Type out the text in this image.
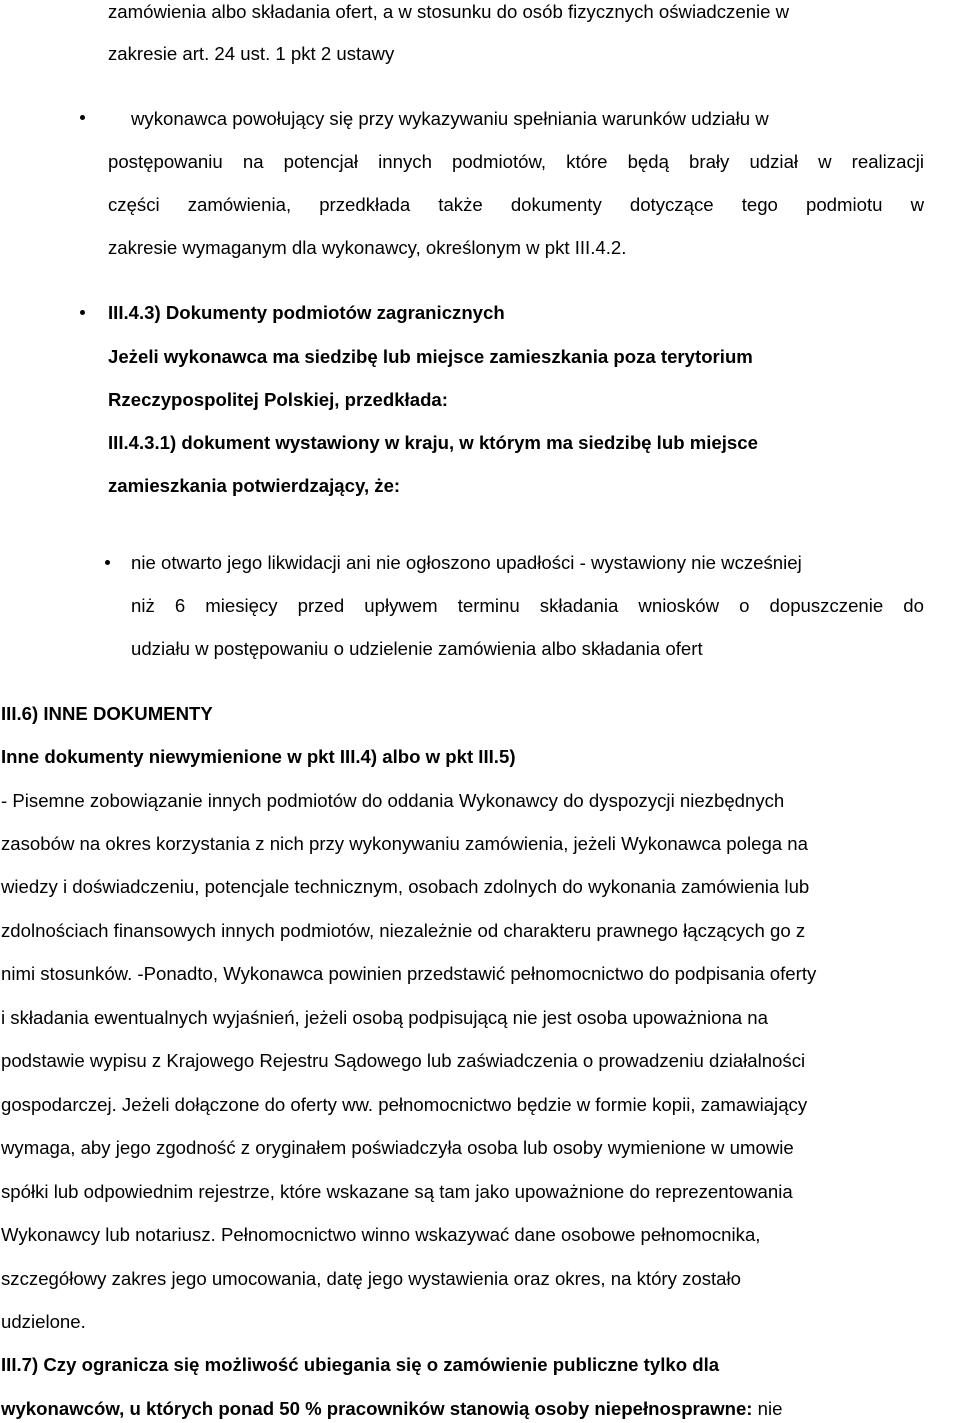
zamówienia albo składania ofert, a w stosunku do osób fizycznych oświadczenie w
zakresie art. 24 ust. 1 pkt 2 ustawy
wykonawca powołujący się przy wykazywaniu spełniania warunków udziału w
postępowaniu na potencjał innych podmiotów, które będą brały udział w realizacji
części zamówienia, przedkłada także dokumenty dotyczące tego podmiotu w
zakresie wymaganym dla wykonawcy, określonym w pkt III.4.2.
III.4.3) Dokumenty podmiotów zagranicznych
Jeżeli wykonawca ma siedzibę lub miejsce zamieszkania poza terytorium
Rzeczypospolitej Polskiej, przedkłada:
III.4.3.1) dokument wystawiony w kraju, w którym ma siedzibę lub miejsce
zamieszkania potwierdzający, że:
nie otwarto jego likwidacji ani nie ogłoszono upadłości - wystawiony nie wcześniej
niż 6 miesięcy przed upływem terminu składania wniosków o dopuszczenie do
udziału w postępowaniu o udzielenie zamówienia albo składania ofert
III.6) INNE DOKUMENTY
Inne dokumenty niewymienione w pkt III.4) albo w pkt III.5)
- Pisemne zobowiązanie innych podmiotów do oddania Wykonawcy do dyspozycji niezbędnych
zasobów na okres korzystania z nich przy wykonywaniu zamówienia, jeżeli Wykonawca polega na
wiedzy i doświadczeniu, potencjale technicznym, osobach zdolnych do wykonania zamówienia lub
zdolnościach finansowych innych podmiotów, niezależnie od charakteru prawnego łączących go z
nimi stosunków. -Ponadto, Wykonawca powinien przedstawić pełnomocnictwo do podpisania oferty
i składania ewentualnych wyjaśnień, jeżeli osobą podpisującą nie jest osoba upoważniona na
podstawie wypisu z Krajowego Rejestru Sądowego lub zaświadczenia o prowadzeniu działalności
gospodarczej. Jeżeli dołączone do oferty ww. pełnomocnictwo będzie w formie kopii, zamawiający
wymaga, aby jego zgodność z oryginałem poświadczyła osoba lub osoby wymienione w umowie
spółki lub odpowiednim rejestrze, które wskazane są tam jako upoważnione do reprezentowania
Wykonawcy lub notariusz. Pełnomocnictwo winno wskazywać dane osobowe pełnomocnika,
szczegółowy zakres jego umocowania, datę jego wystawienia oraz okres, na który zostało
udzielone.
III.7) Czy ogranicza się możliwość ubiegania się o zamówienie publiczne tylko dla
wykonawców, u których ponad 50 % pracowników stanowią osoby niepełnosprawne: nie
